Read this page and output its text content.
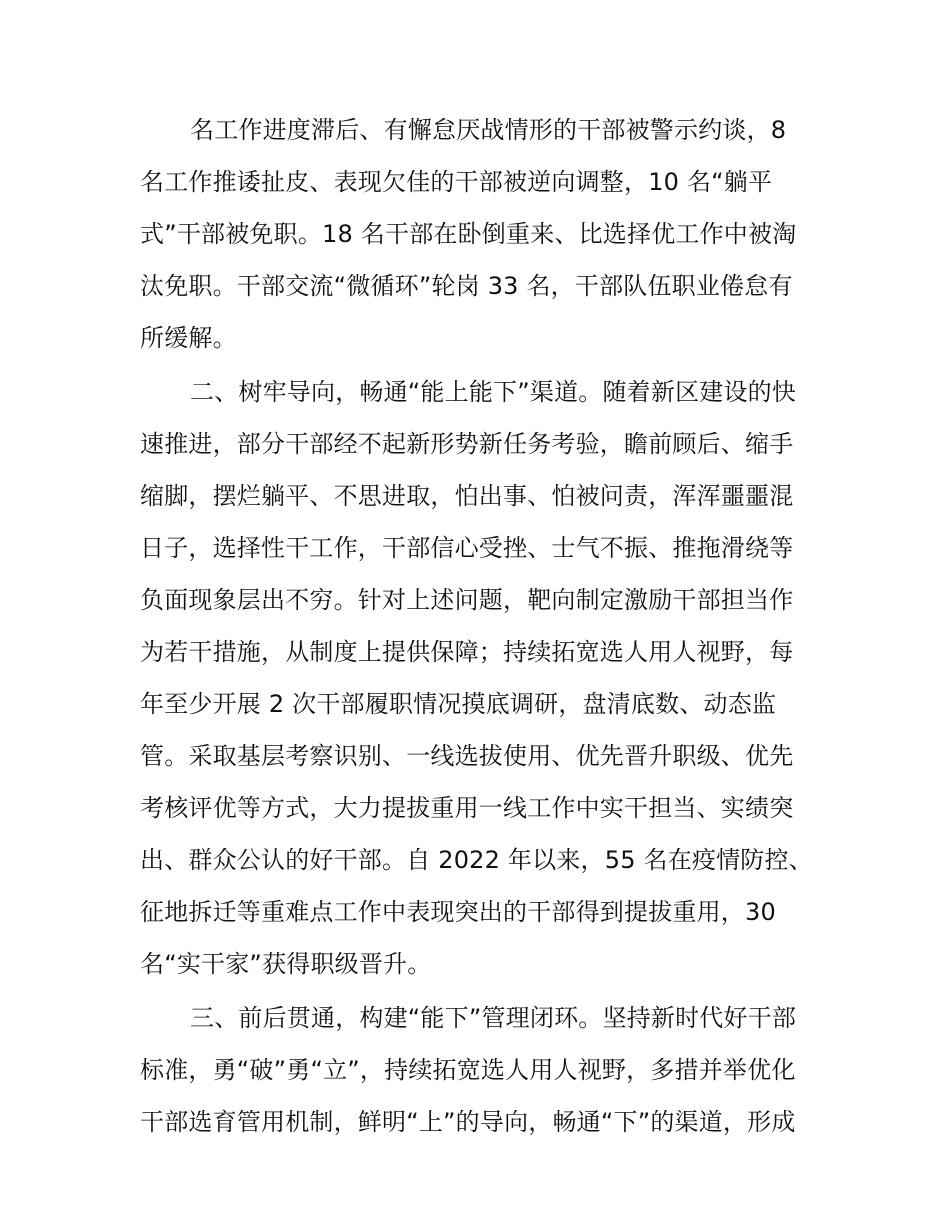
名工作进度滞后、有懈怠厌战情形的干部被警示约谈，8
名工作推诿扯皮、表现欠佳的干部被逆向调整，10 名“躺平
式”干部被免职。18 名干部在卧倒重来、比选择优工作中被淘
汰免职。干部交流“微循环”轮岗 33 名，干部队伍职业倦怠有
所缓解。
二、树牢导向，畅通“能上能下”渠道。随着新区建设的快
速推进，部分干部经不起新形势新任务考验，瞻前顾后、缩手
缩脚，摆烂躺平、不思进取，怕出事、怕被问责，浑浑噩噩混
日子，选择性干工作，干部信心受挫、士气不振、推拖滑绕等
负面现象层出不穷。针对上述问题，靶向制定激励干部担当作
为若干措施，从制度上提供保障；持续拓宽选人用人视野，每
年至少开展 2 次干部履职情况摸底调研，盘清底数、动态监
管。采取基层考察识别、一线选拔使用、优先晋升职级、优先
考核评优等方式，大力提拔重用一线工作中实干担当、实绩突
出、群众公认的好干部。自 2022 年以来，55 名在疫情防控、
征地拆迁等重难点工作中表现突出的干部得到提拔重用，30
名“实干家”获得职级晋升。
三、前后贯通，构建“能下”管理闭环。坚持新时代好干部
标准，勇“破”勇“立”，持续拓宽选人用人视野，多措并举优化
干部选育管用机制，鲜明“上”的导向，畅通“下”的渠道，形成
